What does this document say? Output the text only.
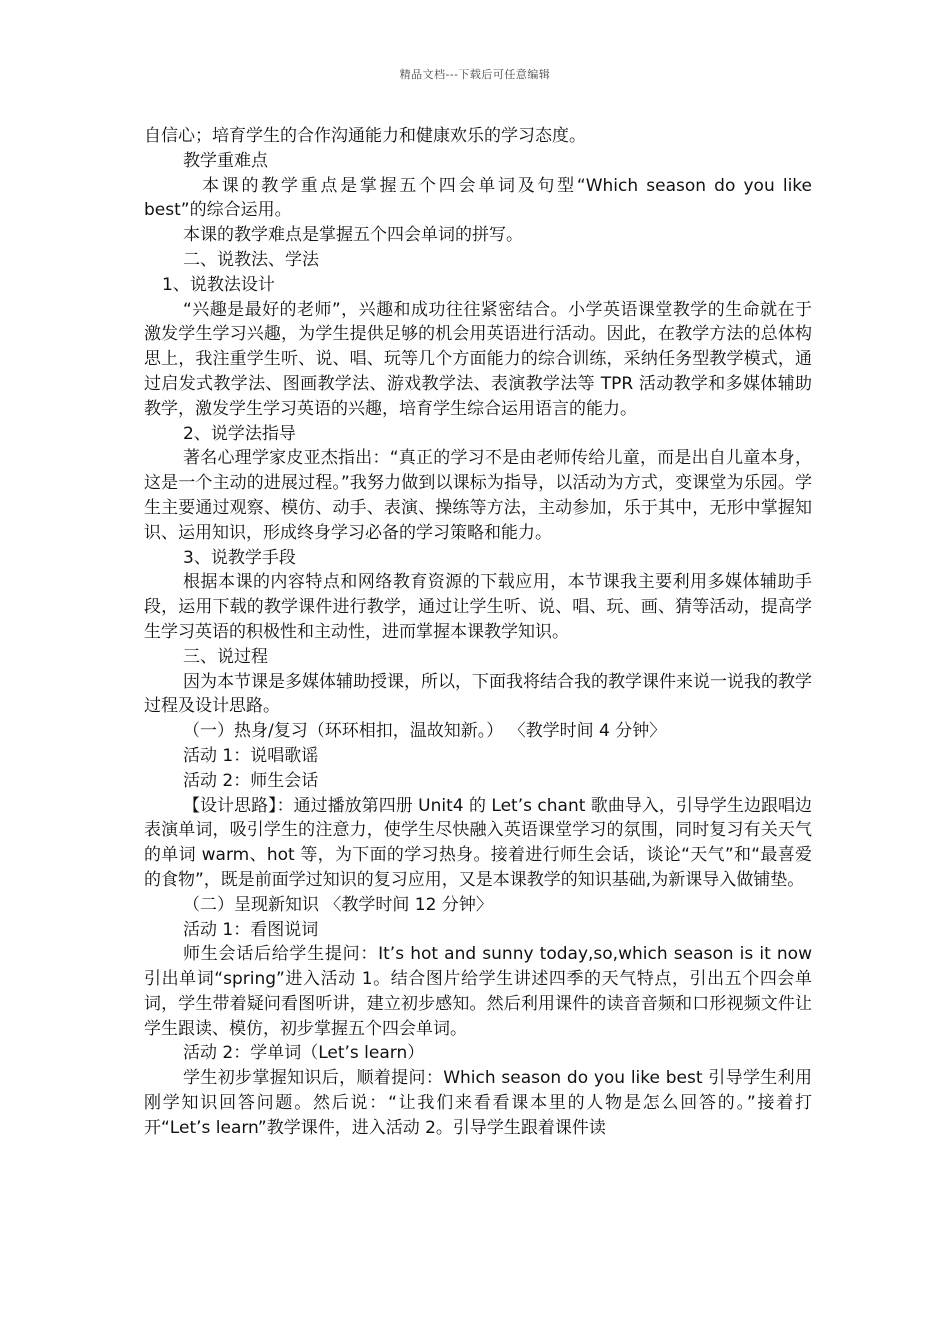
精品文档---下载后可任意编辑

自信心；培育学生的合作沟通能力和健康欢乐的学习态度。

教学重难点

本课的教学重点是掌握五个四会单词及句型“Which season do you like best”的综合运用。

本课的教学难点是掌握五个四会单词的拼写。

二、说教法、学法

1、说教法设计

“兴趣是最好的老师”，兴趣和成功往往紧密结合。小学英语课堂教学的生命就在于激发学生学习兴趣，为学生提供足够的机会用英语进行活动。因此，在教学方法的总体构思上，我注重学生听、说、唱、玩等几个方面能力的综合训练，采纳任务型教学模式，通过启发式教学法、图画教学法、游戏教学法、表演教学法等 TPR 活动教学和多媒体辅助教学，激发学生学习英语的兴趣，培育学生综合运用语言的能力。

2、说学法指导

著名心理学家皮亚杰指出：“真正的学习不是由老师传给儿童，而是出自儿童本身，这是一个主动的进展过程。”我努力做到以课标为指导，以活动为方式，变课堂为乐园。学生主要通过观察、模仿、动手、表演、操练等方法，主动参加，乐于其中，无形中掌握知识、运用知识，形成终身学习必备的学习策略和能力。

3、说教学手段

根据本课的内容特点和网络教育资源的下载应用，本节课我主要利用多媒体辅助手段，运用下载的教学课件进行教学，通过让学生听、说、唱、玩、画、猜等活动，提高学生学习英语的积极性和主动性，进而掌握本课教学知识。

三、说过程

因为本节课是多媒体辅助授课，所以，下面我将结合我的教学课件来说一说我的教学过程及设计思路。

（一）热身/复习（环环相扣，温故知新。） 〈教学时间 4 分钟〉

活动 1：说唱歌谣

活动 2：师生会话

【设计思路】：通过播放第四册 Unit4 的 Let’s chant 歌曲导入，引导学生边跟唱边表演单词，吸引学生的注意力，使学生尽快融入英语课堂学习的氛围，同时复习有关天气的单词 warm、hot 等，为下面的学习热身。接着进行师生会话，谈论“天气”和“最喜爱的食物”，既是前面学过知识的复习应用，又是本课教学的知识基础,为新课导入做铺垫。

（二）呈现新知识 〈教学时间 12 分钟〉

活动 1：看图说词

师生会话后给学生提问：It’s hot and sunny today,so,which season is it now 引出单词“spring”进入活动 1。结合图片给学生讲述四季的天气特点，引出五个四会单词，学生带着疑问看图听讲，建立初步感知。然后利用课件的读音音频和口形视频文件让学生跟读、模仿，初步掌握五个四会单词。

活动 2：学单词（Let’s learn）

学生初步掌握知识后，顺着提问：Which season do you like best 引导学生利用刚学知识回答问题。然后说：“让我们来看看课本里的人物是怎么回答的。”接着打开“Let’s learn”教学课件，进入活动 2。引导学生跟着课件读
